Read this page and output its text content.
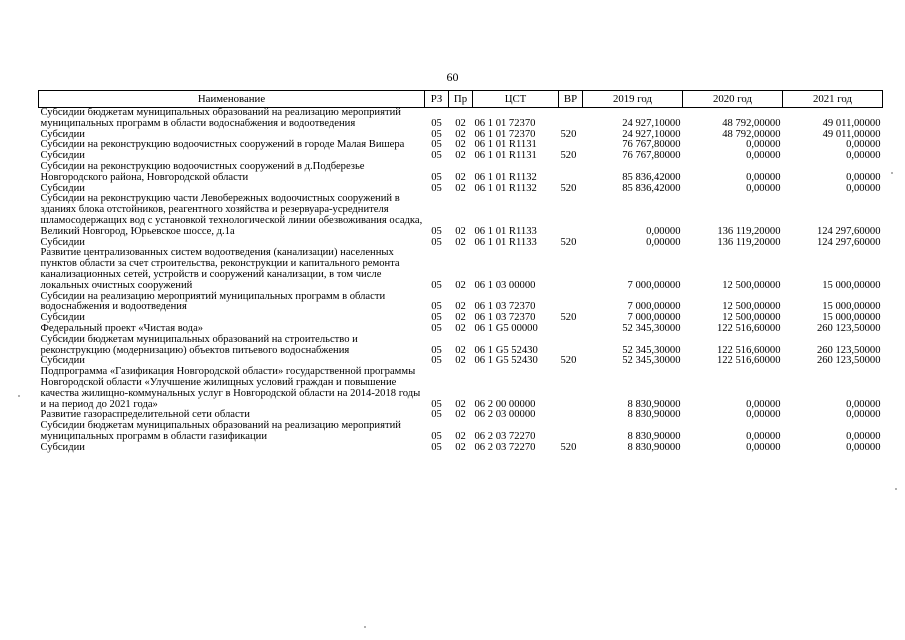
60
Наименование	РЗ	Пр	ЦСТ	ВР	2019 год	2020 год	2021 год
Субсидии бюджетам муниципальных образований на реализацию мероприятий муниципальных программ в области водоснабжения и водоотведения	05	02	06 1 01 72370		24 927,10000	48 792,00000	49 011,00000
Субсидии	05	02	06 1 01 72370	520	24 927,10000	48 792,00000	49 011,00000
Субсидии на реконструкцию водоочистных сооружений в городе Малая Вишера	05	02	06 1 01 R1131		76 767,80000	0,00000	0,00000
Субсидии	05	02	06 1 01 R1131	520	76 767,80000	0,00000	0,00000
Субсидии на реконструкцию водоочистных сооружений в д.Подберезье Новгородского района, Новгородской области	05	02	06 1 01 R1132		85 836,42000	0,00000	0,00000
Субсидии	05	02	06 1 01 R1132	520	85 836,42000	0,00000	0,00000
Субсидии на реконструкцию части Левобережных водоочистных сооружений в зданиях блока отстойников, реагентного хозяйства и резервуара-усреднителя шламосодержащих вод с установкой технологической линии обезвоживания осадка, Великий Новгород, Юрьевское шоссе, д.1а	05	02	06 1 01 R1133		0,00000	136 119,20000	124 297,60000
Субсидии	05	02	06 1 01 R1133	520	0,00000	136 119,20000	124 297,60000
Развитие централизованных систем водоотведения (канализации) населенных пунктов области за счет строительства, реконструкции и капитального ремонта канализационных сетей, устройств и сооружений канализации, в том числе локальных очистных сооружений	05	02	06 1 03 00000		7 000,00000	12 500,00000	15 000,00000
Субсидии на реализацию мероприятий муниципальных программ в области водоснабжения и водоотведения	05	02	06 1 03 72370		7 000,00000	12 500,00000	15 000,00000
Субсидии	05	02	06 1 03 72370	520	7 000,00000	12 500,00000	15 000,00000
Федеральный проект «Чистая вода»	05	02	06 1 G5 00000		52 345,30000	122 516,60000	260 123,50000
Субсидии бюджетам муниципальных образований на строительство и реконструкцию (модернизацию) объектов питьевого водоснабжения	05	02	06 1 G5 52430		52 345,30000	122 516,60000	260 123,50000
Субсидии	05	02	06 1 G5 52430	520	52 345,30000	122 516,60000	260 123,50000
Подпрограмма «Газификация Новгородской области» государственной программы Новгородской области «Улучшение жилищных условий граждан и повышение качества жилищно-коммунальных услуг в Новгородской области на 2014-2018 годы и на период до 2021 года»	05	02	06 2 00 00000		8 830,90000	0,00000	0,00000
Развитие газораспределительной сети области	05	02	06 2 03 00000		8 830,90000	0,00000	0,00000
Субсидии бюджетам муниципальных образований на реализацию мероприятий муниципальных программ в области газификации	05	02	06 2 03 72270		8 830,90000	0,00000	0,00000
Субсидии	05	02	06 2 03 72270	520	8 830,90000	0,00000	0,00000
